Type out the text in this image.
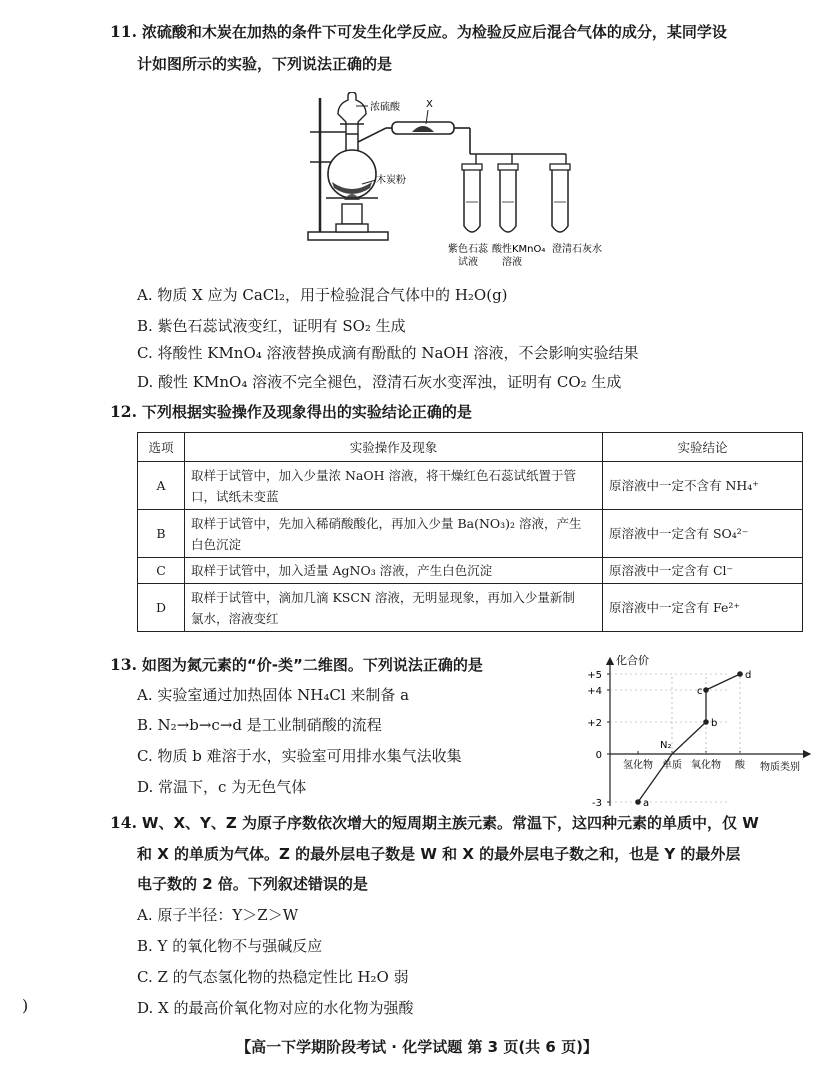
11. 浓硫酸和木炭在加热的条件下可发生化学反应。为检验反应后混合气体的成分，某同学设
计如图所示的实验，下列说法正确的是
浓硫酸	X
木炭粉
紫色石蕊
试液
酸性KMnO₄
溶液
澄清石灰水
A. 物质 X 应为 CaCl₂，用于检验混合气体中的 H₂O(g)
B. 紫色石蕊试液变红，证明有 SO₂ 生成
C. 将酸性 KMnO₄ 溶液替换成滴有酚酞的 NaOH 溶液，不会影响实验结果
D. 酸性 KMnO₄ 溶液不完全褪色，澄清石灰水变浑浊，证明有 CO₂ 生成
12. 下列根据实验操作及现象得出的实验结论正确的是
选项	实验操作及现象	实验结论
A	取样于试管中，加入少量浓 NaOH 溶液，将干燥红色石蕊试纸置于管
口，试纸未变蓝	原溶液中一定不含有 NH₄⁺
B	取样于试管中，先加入稀硝酸酸化，再加入少量 Ba(NO₃)₂ 溶液，产生
白色沉淀	原溶液中一定含有 SO₄²⁻
C	取样于试管中，加入适量 AgNO₃ 溶液，产生白色沉淀	原溶液中一定含有 Cl⁻
D	取样于试管中，滴加几滴 KSCN 溶液，无明显现象，再加入少量新制
氯水，溶液变红	原溶液中一定含有 Fe²⁺
13. 如图为氮元素的“价-类”二维图。下列说法正确的是
A. 实验室通过加热固体 NH₄Cl 来制备 a
B. N₂→b→c→d 是工业制硝酸的流程
C. 物质 b 难溶于水，实验室可用排水集气法收集
D. 常温下，c 为无色气体
化合价
物质类别
-3
0
+2
+4
+5
氢化物 单质 氧化物 酸
a
N₂
b
c
d
14. W、X、Y、Z 为原子序数依次增大的短周期主族元素。常温下，这四种元素的单质中，仅 W
和 X 的单质为气体。Z 的最外层电子数是 W 和 X 的最外层电子数之和，也是 Y 的最外层
电子数的 2 倍。下列叙述错误的是
A. 原子半径：Y＞Z＞W
B. Y 的氧化物不与强碱反应
C. Z 的气态氢化物的热稳定性比 H₂O 弱
D. X 的最高价氧化物对应的水化物为强酸
)
【高一下学期阶段考试 · 化学试题 第 3 页(共 6 页)】
